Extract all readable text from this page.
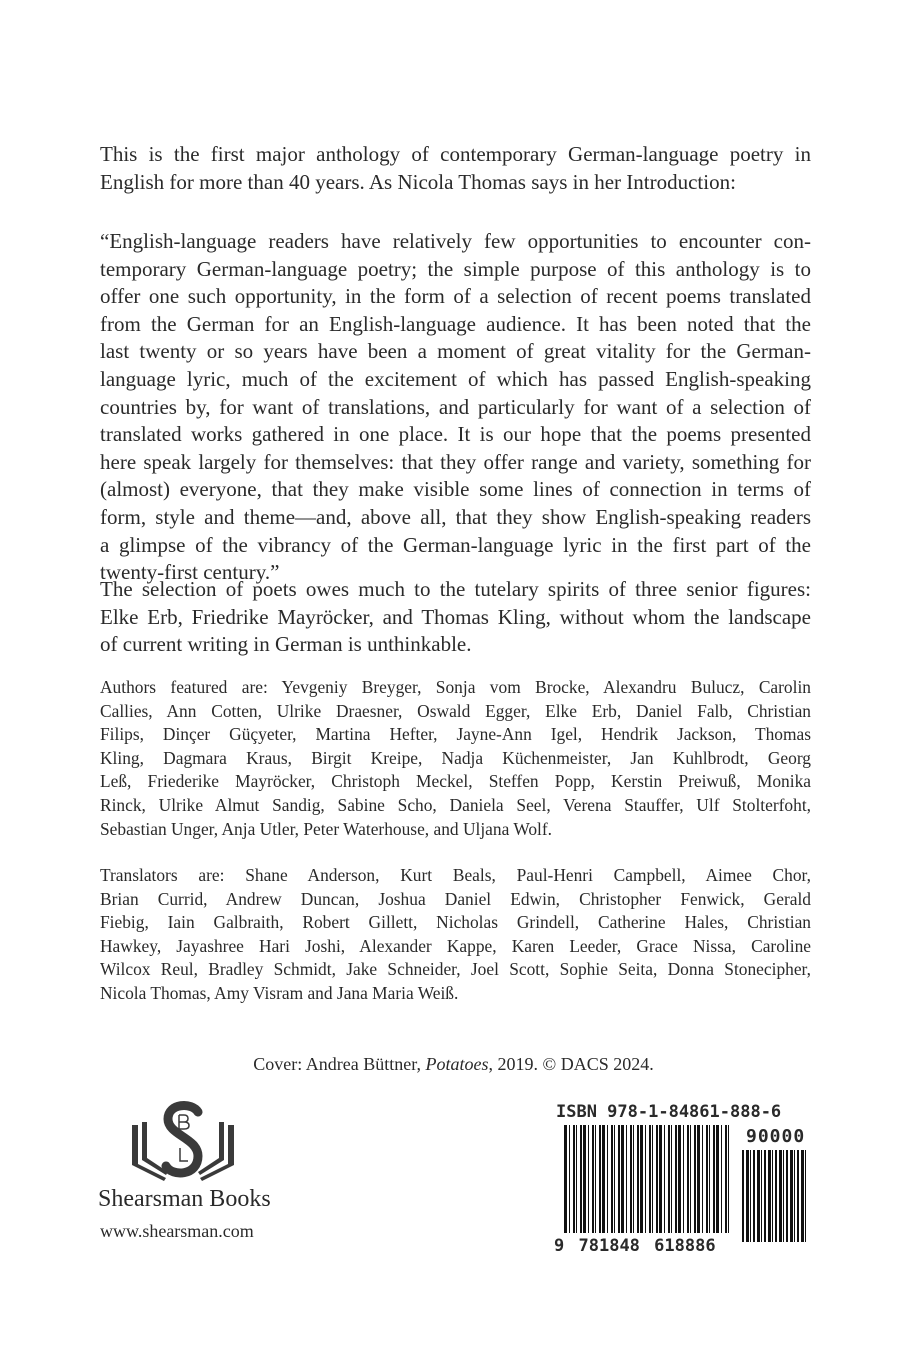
This is the first major anthology of contemporary German-language poetry in
English for more than 40 years. As Nicola Thomas says in her Introduction:
“English-language readers have relatively few opportunities to encounter con-
temporary German-language poetry; the simple purpose of this anthology is to
offer one such opportunity, in the form of a selection of recent poems translated
from the German for an English-language audience. It has been noted that the
last twenty or so years have been a moment of great vitality for the German-
language lyric, much of the excitement of which has passed English-speaking
countries by, for want of translations, and particularly for want of a selection of
translated works gathered in one place. It is our hope that the poems presented
here speak largely for themselves: that they offer range and variety, something for
(almost) everyone, that they make visible some lines of connection in terms of
form, style and theme—and, above all, that they show English-speaking readers
a glimpse of the vibrancy of the German-language lyric in the first part of the
twenty-first century.”
The selection of poets owes much to the tutelary spirits of three senior figures:
Elke Erb, Friedrike Mayröcker, and Thomas Kling, without whom the landscape
of current writing in German is unthinkable.
Authors featured are: Yevgeniy Breyger, Sonja vom Brocke, Alexandru Bulucz, Carolin
Callies, Ann Cotten, Ulrike Draesner, Oswald Egger, Elke Erb, Daniel Falb, Christian
Filips, Dinçer Güçyeter, Martina Hefter, Jayne-Ann Igel, Hendrik Jackson, Thomas
Kling, Dagmara Kraus, Birgit Kreipe, Nadja Küchenmeister, Jan Kuhlbrodt, Georg
Leß, Friederike Mayröcker, Christoph Meckel, Steffen Popp, Kerstin Preiwuß, Monika
Rinck, Ulrike Almut Sandig, Sabine Scho, Daniela Seel, Verena Stauffer, Ulf Stolterfoht,
Sebastian Unger, Anja Utler, Peter Waterhouse, and Uljana Wolf.
Translators are: Shane Anderson, Kurt Beals, Paul-Henri Campbell, Aimee Chor,
Brian Currid, Andrew Duncan, Joshua Daniel Edwin, Christopher Fenwick, Gerald
Fiebig, Iain Galbraith, Robert Gillett, Nicholas Grindell, Catherine Hales, Christian
Hawkey, Jayashree Hari Joshi, Alexander Kappe, Karen Leeder, Grace Nissa, Caroline
Wilcox Reul, Bradley Schmidt, Jake Schneider, Joel Scott, Sophie Seita, Donna Stonecipher,
Nicola Thomas, Amy Visram and Jana Maria Weiß.
Cover: Andrea Büttner, Potatoes, 2019. © DACS 2024.
Shearsman Books
www.shearsman.com
ISBN 978-1-84861-888-6
90000
9 781848 618886
